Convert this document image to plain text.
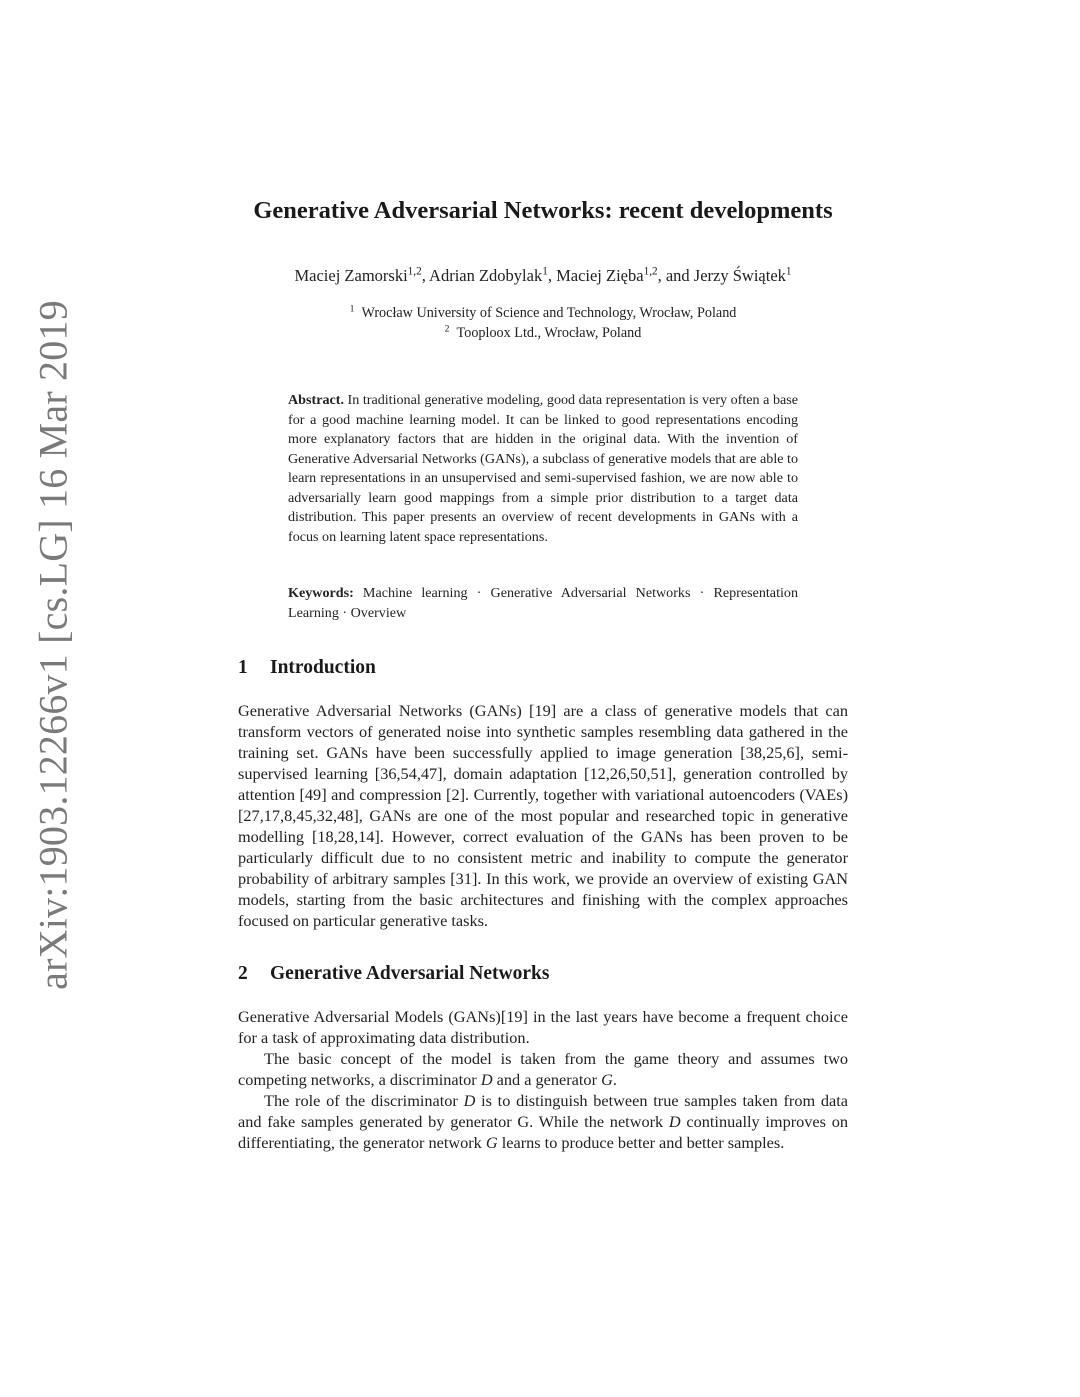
arXiv:1903.12266v1 [cs.LG] 16 Mar 2019
Generative Adversarial Networks: recent developments
Maciej Zamorski$^{1,2}$, Adrian Zdobylak$^1$, Maciej Zięba$^{1,2}$, and Jerzy Świątek$^1$
$^1$ Wrocław University of Science and Technology, Wrocław, Poland
$^2$ Tooploox Ltd., Wrocław, Poland
Abstract. In traditional generative modeling, good data representation is very often a base for a good machine learning model. It can be linked to good representations encoding more explanatory factors that are hidden in the original data. With the invention of Generative Adversarial Networks (GANs), a subclass of generative models that are able to learn representations in an unsupervised and semi-supervised fashion, we are now able to adversarially learn good mappings from a simple prior distribution to a target data distribution. This paper presents an overview of recent developments in GANs with a focus on learning latent space representations.
Keywords: Machine learning · Generative Adversarial Networks · Representation Learning · Overview
1 Introduction
Generative Adversarial Networks (GANs) [19] are a class of generative models that can transform vectors of generated noise into synthetic samples resembling data gathered in the training set. GANs have been successfully applied to image generation [38,25,6], semi-supervised learning [36,54,47], domain adaptation [12,26,50,51], generation controlled by attention [49] and compression [2]. Currently, together with variational autoencoders (VAEs) [27,17,8,45,32,48], GANs are one of the most popular and researched topic in generative modelling [18,28,14]. However, correct evaluation of the GANs has been proven to be particularly difficult due to no consistent metric and inability to compute the generator probability of arbitrary samples [31]. In this work, we provide an overview of existing GAN models, starting from the basic architectures and finishing with the complex approaches focused on particular generative tasks.
2 Generative Adversarial Networks

Generative Adversarial Models (GANs)[19] in the last years have become a frequent choice for a task of approximating data distribution.

The basic concept of the model is taken from the game theory and assumes two competing networks, a discriminator D and a generator G.

The role of the discriminator D is to distinguish between true samples taken from data and fake samples generated by generator G. While the network D continually improves on differentiating, the generator network G learns to produce better and better samples.
